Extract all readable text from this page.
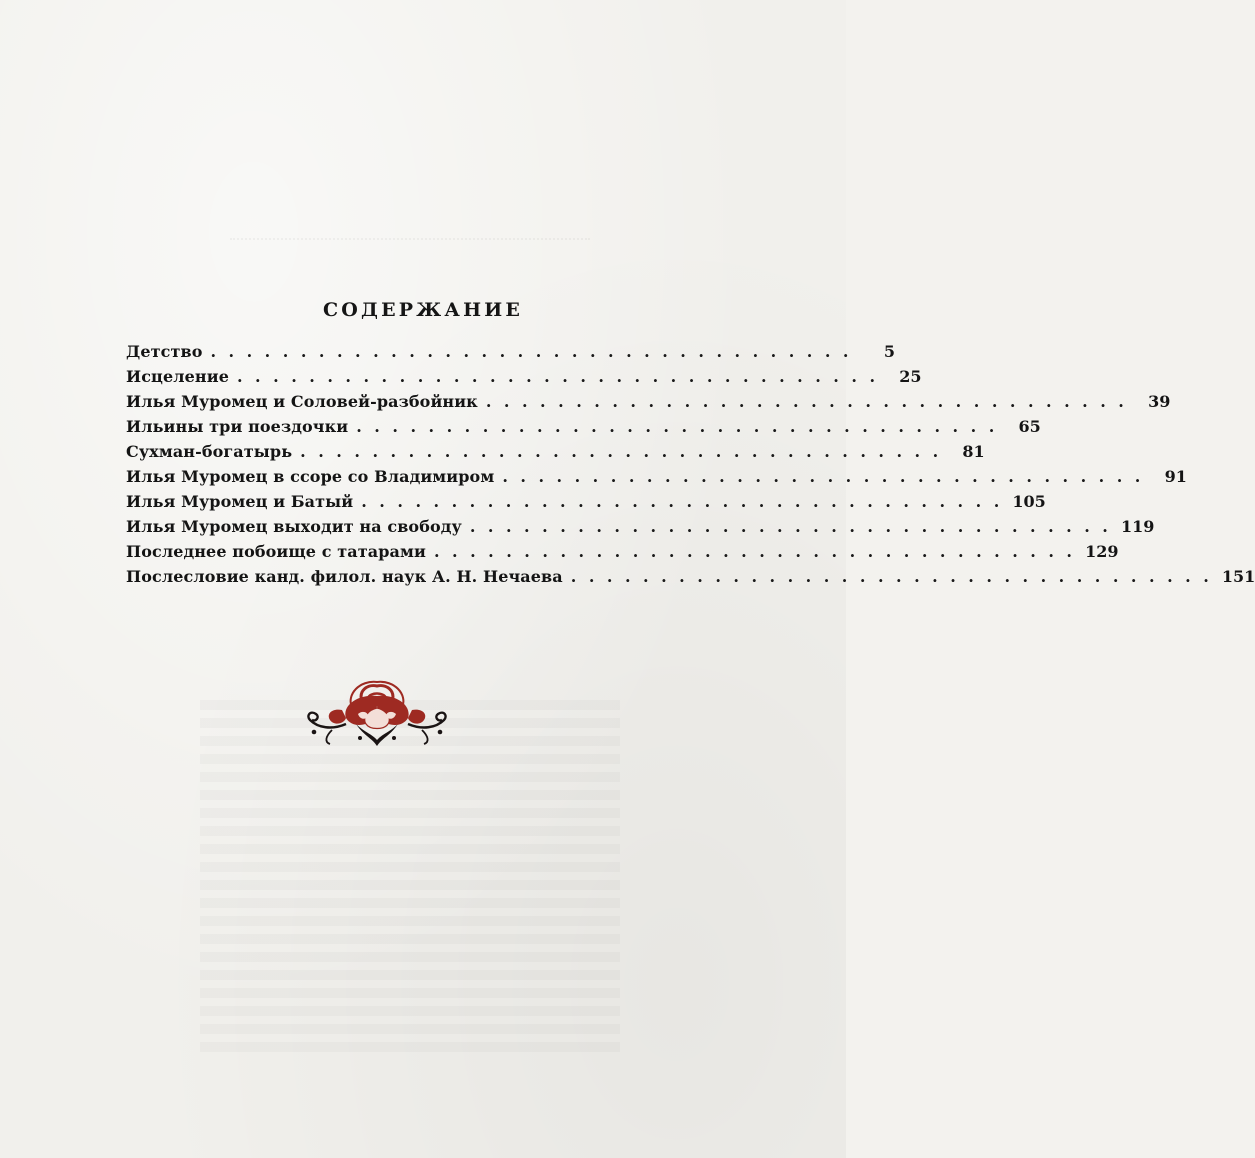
СОДЕРЖАНИЕ
Детство ....................................	5
Исцеление .................................... 25
Илья Муромец и Соловей-разбойник .................................... 39
Ильины три поездочки .................................... 65
Сухман-богатырь .................................... 81
Илья Муромец в ссоре со Владимиром .................................... 91
Илья Муромец и Батый .................................... 105
Илья Муромец выходит на свободу .................................... 119
Последнее побоище с татарами .................................... 129
Послесловие канд. филол. наук А. Н. Нечаева .................................... 151
